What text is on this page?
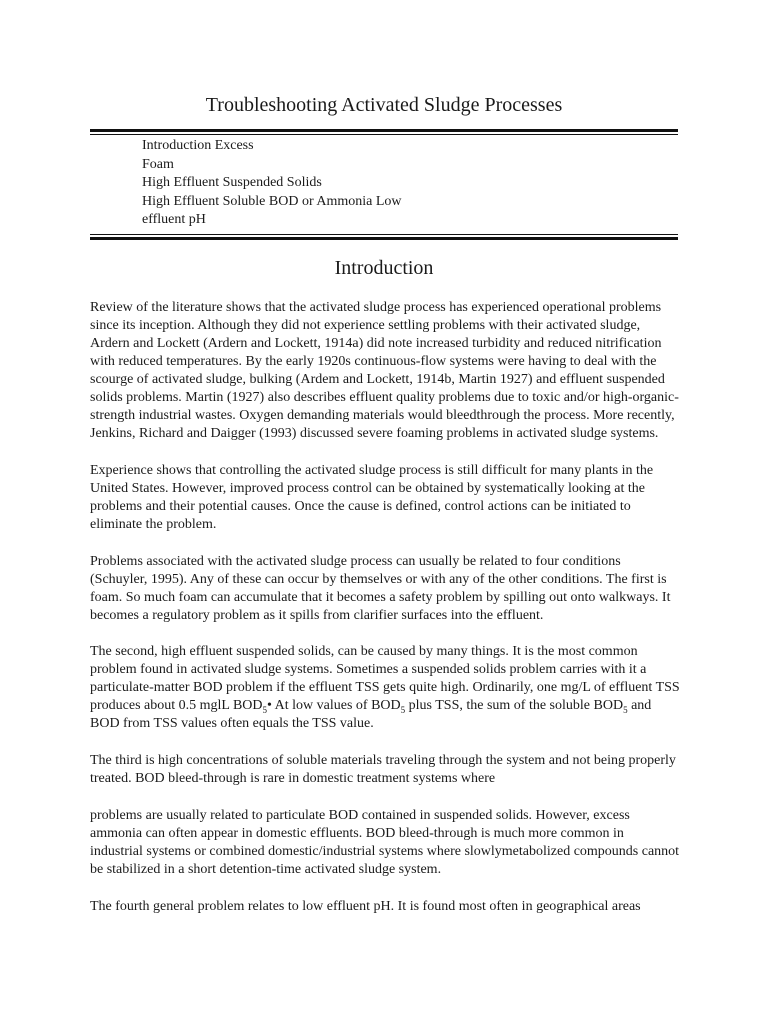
Troubleshooting Activated Sludge Processes
Introduction Excess
Foam
High Effluent Suspended Solids
High Effluent Soluble BOD or Ammonia Low
effluent pH
Introduction

Review of the literature shows that the activated sludge process has experienced operational problems since its inception. Although they did not experience settling problems with their activated sludge, Ardern and Lockett (Ardern and Lockett, 1914a) did note increased turbidity and reduced nitrification with reduced temperatures. By the early 1920s continuous-flow systems were having to deal with the scourge of activated sludge, bulking (Ardem and Lockett, 1914b, Martin 1927) and effluent suspended solids problems. Martin (1927) also describes effluent quality problems due to toxic and/or high-organic-strength industrial wastes. Oxygen demanding materials would bleedthrough the process. More recently, Jenkins, Richard and Daigger (1993) discussed severe foaming problems in activated sludge systems.

Experience shows that controlling the activated sludge process is still difficult for many plants in the United States. However, improved process control can be obtained by systematically looking at the problems and their potential causes. Once the cause is defined, control actions can be initiated to eliminate the problem.

Problems associated with the activated sludge process can usually be related to four conditions (Schuyler, 1995). Any of these can occur by themselves or with any of the other conditions. The first is foam. So much foam can accumulate that it becomes a safety problem by spilling out onto walkways. It becomes a regulatory problem as it spills from clarifier surfaces into the effluent.

The second, high effluent suspended solids, can be caused by many things. It is the most common problem found in activated sludge systems. Sometimes a suspended solids problem carries with it a particulate-matter BOD problem if the effluent TSS gets quite high. Ordinarily, one mg/L of effluent TSS produces about 0.5 mglL $BOD_5•$ At low values of $BOD_5$ plus TSS, the sum of the soluble $BOD_5$ and BOD from TSS values often equals the TSS value.

The third is high concentrations of soluble materials traveling through the system and not being properly treated. BOD bleed-through is rare in domestic treatment systems where

problems are usually related to particulate BOD contained in suspended solids. However, excess ammonia can often appear in domestic effluents. BOD bleed-through is much more common in industrial systems or combined domestic/industrial systems where slowlymetabolized compounds cannot be stabilized in a short detention-time activated sludge system.

The fourth general problem relates to low effluent pH. It is found most often in geographical areas
